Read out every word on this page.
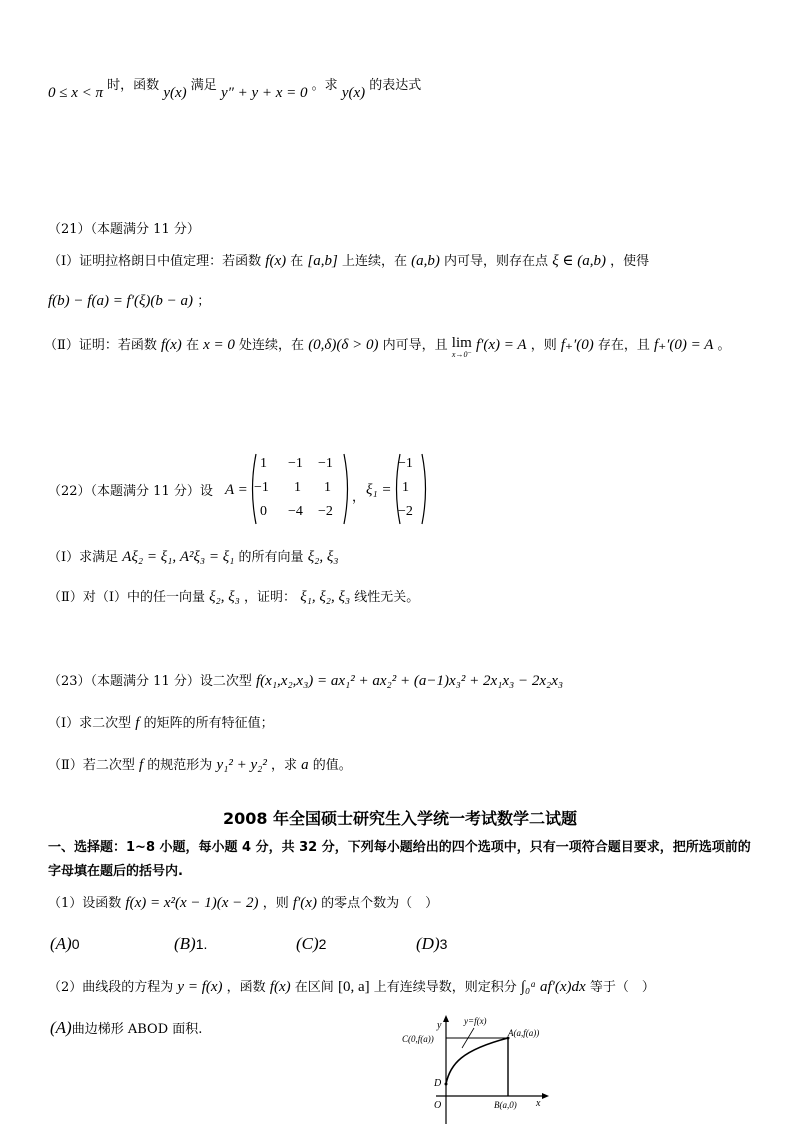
0 ≤ x < π 时，函数 y(x) 满足 y″ + y + x = 0 。求 y(x) 的表达式
（21）（本题满分 11 分）
（Ⅰ）证明拉格朗日中值定理：若函数 f(x) 在 [a,b] 上连续，在 (a,b) 内可导，则存在点 ξ ∈ (a,b) ，使得
f(b) − f(a) = f′(ξ)(b − a) ；
（Ⅱ）证明：若函数 f(x) 在 x = 0 处连续，在 (0,δ)(δ > 0) 内可导，且 lim
x→0⁻
f′(x) = A ，则 f₊′(0) 存在，且 f₊′(0) = A 。
（22）（本题满分 11 分）设 A =
1 −1 −1
−1 1 1
0 −4 −2
， ξ₁ =
−1
1
−2
（Ⅰ）求满足 Aξ₂ = ξ₁, A²ξ₃ = ξ₁ 的所有向量 ξ₂, ξ₃
（Ⅱ）对（Ⅰ）中的任一向量 ξ₂, ξ₃ ，证明： ξ₁, ξ₂, ξ₃ 线性无关。
（23）（本题满分 11 分）设二次型 f(x₁,x₂,x₃) = ax₁² + ax₂² + (a−1)x₃² + 2x₁x₃ − 2x₂x₃
（Ⅰ）求二次型 f 的矩阵的所有特征值；
（Ⅱ）若二次型 f 的规范形为 y₁² + y₂² ，求 a 的值。
2008 年全国硕士研究生入学统一考试数学二试题
一、选择题：1~8 小题，每小题 4 分，共 32 分，下列每小题给出的四个选项中，只有一项符合题目要求，把所选项前的
字母填在题后的括号内.
（1）设函数 f(x) = x²(x − 1)(x − 2) ，则 f′(x) 的零点个数为（　）
(A)0	(B)1.	(C)2	(D)3
（2）曲线段的方程为 y = f(x) ，函数 f(x) 在区间 [0, a] 上有连续导数，则定积分 ∫₀ᵃ af′(x)dx 等于（　）
(A)曲边梯形 ABOD 面积.	y
x
y=f(x)
C(0,f(a))
A(a,f(a))
D
O	B(a,0)
